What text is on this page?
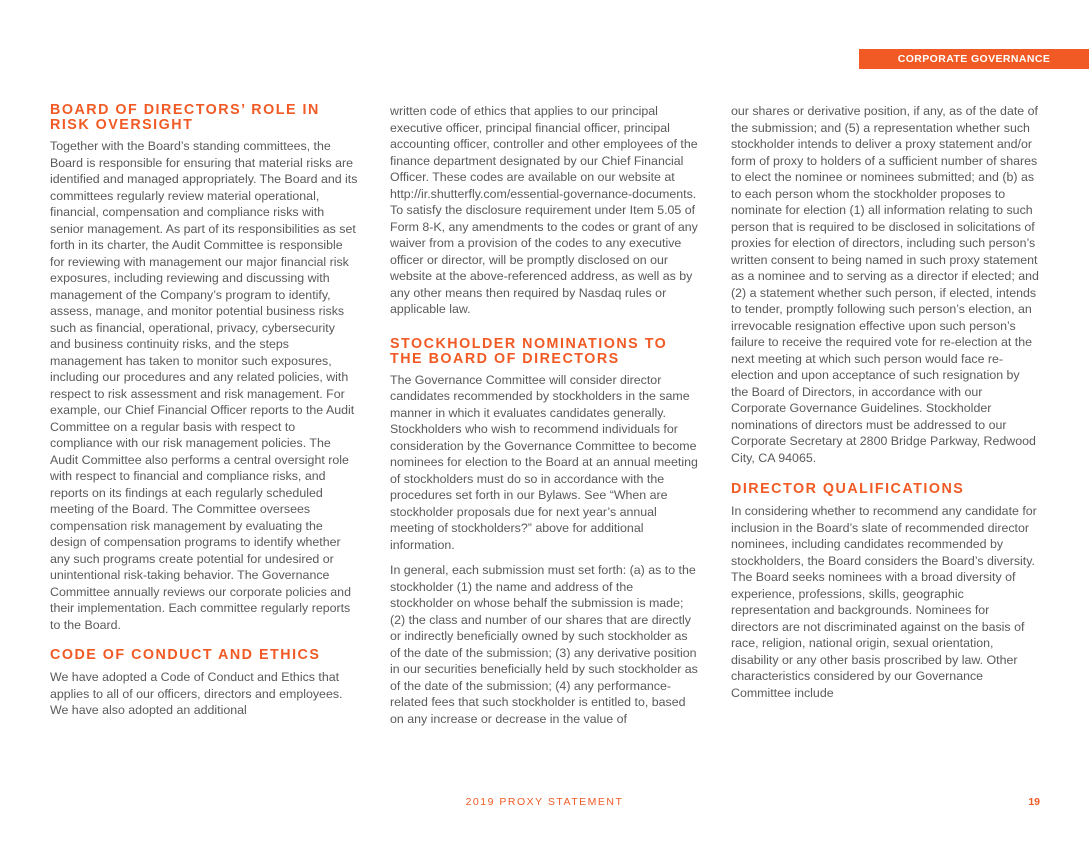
CORPORATE GOVERNANCE
BOARD OF DIRECTORS’ ROLE IN RISK OVERSIGHT

Together with the Board’s standing committees, the Board is responsible for ensuring that material risks are identified and managed appropriately. The Board and its committees regularly review material operational, financial, compensation and compliance risks with senior management. As part of its responsibilities as set forth in its charter, the Audit Committee is responsible for reviewing with management our major financial risk exposures, including reviewing and discussing with management of the Company’s program to identify, assess, manage, and monitor potential business risks such as financial, operational, privacy, cybersecurity and business continuity risks, and the steps management has taken to monitor such exposures, including our procedures and any related policies, with respect to risk assessment and risk management. For example, our Chief Financial Officer reports to the Audit Committee on a regular basis with respect to compliance with our risk management policies. The Audit Committee also performs a central oversight role with respect to financial and compliance risks, and reports on its findings at each regularly scheduled meeting of the Board. The Committee oversees compensation risk management by evaluating the design of compensation programs to identify whether any such programs create potential for undesired or unintentional risk-taking behavior. The Governance Committee annually reviews our corporate policies and their implementation. Each committee regularly reports to the Board.

CODE OF CONDUCT AND ETHICS

We have adopted a Code of Conduct and Ethics that applies to all of our officers, directors and employees. We have also adopted an additional

written code of ethics that applies to our principal executive officer, principal financial officer, principal accounting officer, controller and other employees of the finance department designated by our Chief Financial Officer. These codes are available on our website at http://ir.shutterfly.com/essential-governance-documents. To satisfy the disclosure requirement under Item 5.05 of Form 8-K, any amendments to the codes or grant of any waiver from a provision of the codes to any executive officer or director, will be promptly disclosed on our website at the above-referenced address, as well as by any other means then required by Nasdaq rules or applicable law.

STOCKHOLDER NOMINATIONS TO THE BOARD OF DIRECTORS

The Governance Committee will consider director candidates recommended by stockholders in the same manner in which it evaluates candidates generally. Stockholders who wish to recommend individuals for consideration by the Governance Committee to become nominees for election to the Board at an annual meeting of stockholders must do so in accordance with the procedures set forth in our Bylaws. See “When are stockholder proposals due for next year’s annual meeting of stockholders?” above for additional information.

In general, each submission must set forth: (a) as to the stockholder (1) the name and address of the stockholder on whose behalf the submission is made; (2) the class and number of our shares that are directly or indirectly beneficially owned by such stockholder as of the date of the submission; (3) any derivative position in our securities beneficially held by such stockholder as of the date of the submission; (4) any performance-related fees that such stockholder is entitled to, based on any increase or decrease in the value of

our shares or derivative position, if any, as of the date of the submission; and (5) a representation whether such stockholder intends to deliver a proxy statement and/or form of proxy to holders of a sufficient number of shares to elect the nominee or nominees submitted; and (b) as to each person whom the stockholder proposes to nominate for election (1) all information relating to such person that is required to be disclosed in solicitations of proxies for election of directors, including such person’s written consent to being named in such proxy statement as a nominee and to serving as a director if elected; and (2) a statement whether such person, if elected, intends to tender, promptly following such person’s election, an irrevocable resignation effective upon such person’s failure to receive the required vote for re-election at the next meeting at which such person would face re-election and upon acceptance of such resignation by the Board of Directors, in accordance with our Corporate Governance Guidelines. Stockholder nominations of directors must be addressed to our Corporate Secretary at 2800 Bridge Parkway, Redwood City, CA 94065.

DIRECTOR QUALIFICATIONS

In considering whether to recommend any candidate for inclusion in the Board’s slate of recommended director nominees, including candidates recommended by stockholders, the Board considers the Board’s diversity. The Board seeks nominees with a broad diversity of experience, professions, skills, geographic representation and backgrounds. Nominees for directors are not discriminated against on the basis of race, religion, national origin, sexual orientation, disability or any other basis proscribed by law. Other characteristics considered by our Governance Committee include

2019 PROXY STATEMENT	19
